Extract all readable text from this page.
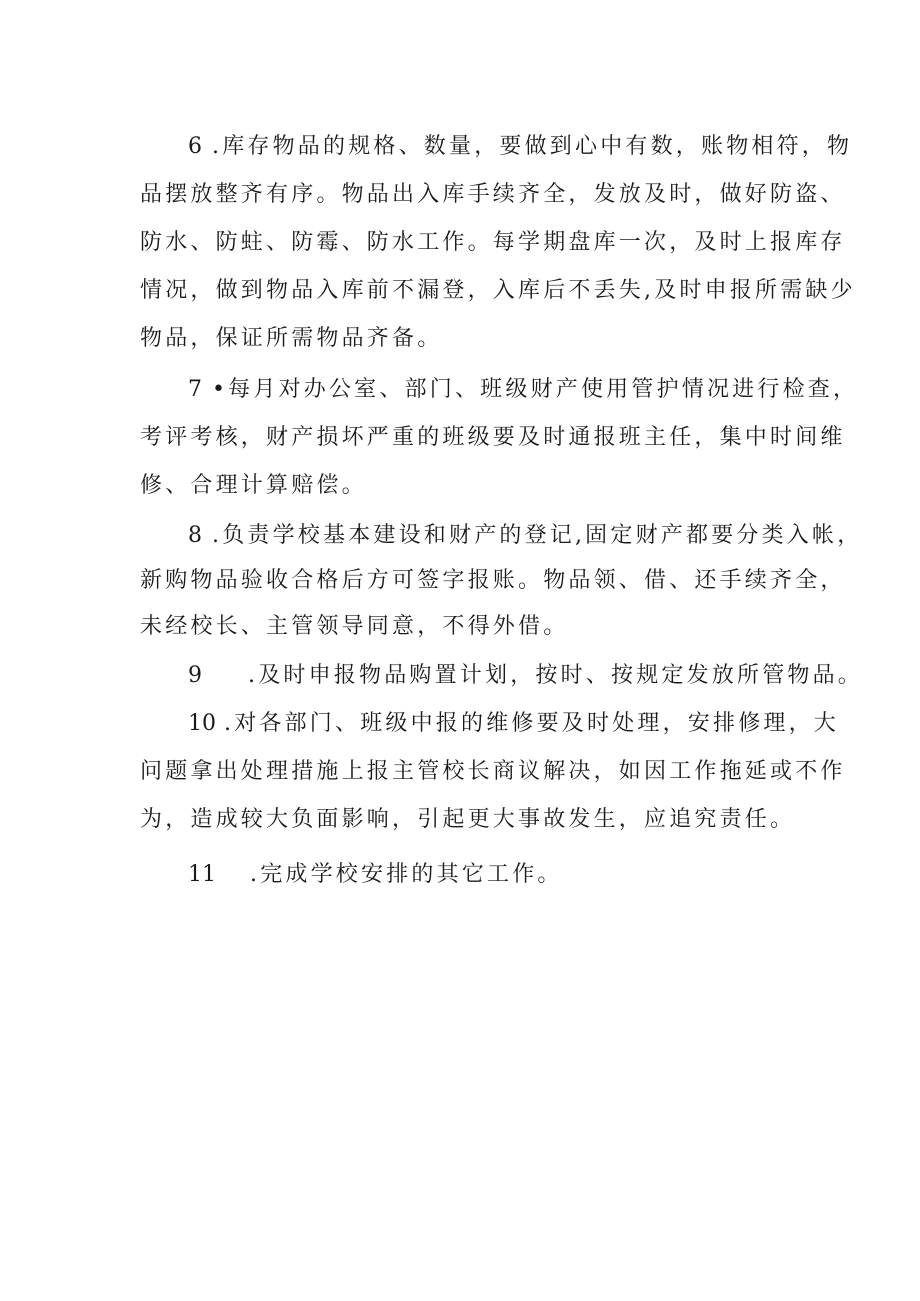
6 .库存物品的规格、数量，要做到心中有数，账物相符，物
品摆放整齐有序。物品出入库手续齐全，发放及时，做好防盗、
防水、防蛀、防霉、防水工作。每学期盘库一次，及时上报库存
情况，做到物品入库前不漏登，入库后不丢失,及时申报所需缺少
物品，保证所需物品齐备。
7 •每月对办公室、部门、班级财产使用管护情况进行检查，
考评考核，财产损坏严重的班级要及时通报班主任，集中时间维
修、合理计算赔偿。
8 .负责学校基本建设和财产的登记,固定财产都要分类入帐，
新购物品验收合格后方可签字报账。物品领、借、还手续齐全，
未经校长、主管领导同意，不得外借。
9 .及时申报物品购置计划，按时、按规定发放所管物品。
10 .对各部门、班级中报的维修要及时处理，安排修理，大
问题拿出处理措施上报主管校长商议解决，如因工作拖延或不作
为，造成较大负面影响，引起更大事故发生，应追究责任。
11 .完成学校安排的其它工作。
